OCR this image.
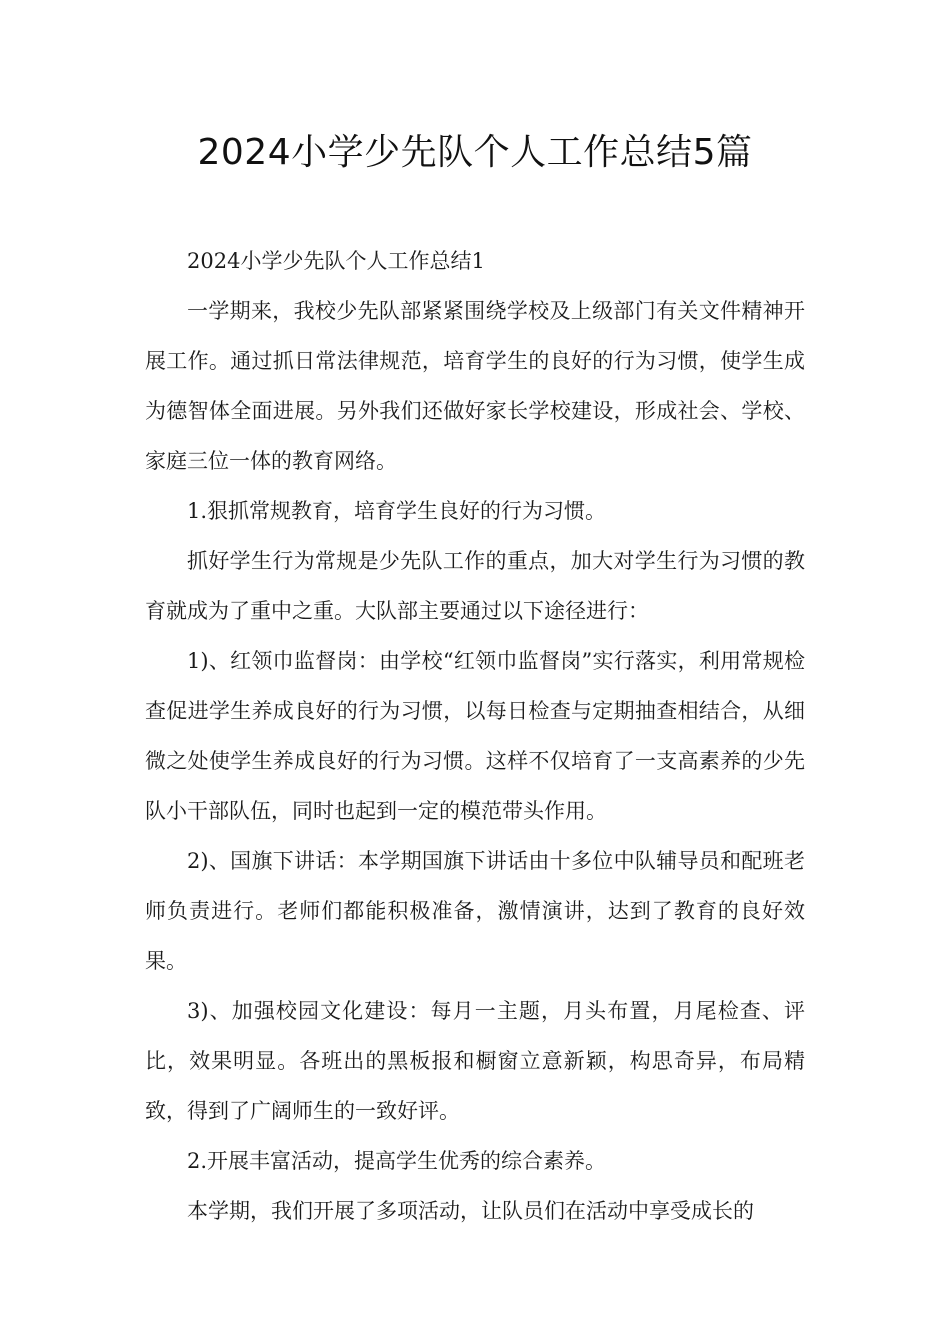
2024小学少先队个人工作总结5篇

2024小学少先队个人工作总结1

一学期来，我校少先队部紧紧围绕学校及上级部门有关文件精神开展工作。通过抓日常法律规范，培育学生的良好的行为习惯，使学生成为德智体全面进展。另外我们还做好家长学校建设，形成社会、学校、家庭三位一体的教育网络。

1.狠抓常规教育，培育学生良好的行为习惯。

抓好学生行为常规是少先队工作的重点，加大对学生行为习惯的教育就成为了重中之重。大队部主要通过以下途径进行：

1)、红领巾监督岗：由学校“红领巾监督岗”实行落实，利用常规检查促进学生养成良好的行为习惯，以每日检查与定期抽查相结合，从细微之处使学生养成良好的行为习惯。这样不仅培育了一支高素养的少先队小干部队伍，同时也起到一定的模范带头作用。

2)、国旗下讲话：本学期国旗下讲话由十多位中队辅导员和配班老师负责进行。老师们都能积极准备，激情演讲，达到了教育的良好效果。

3)、加强校园文化建设：每月一主题，月头布置，月尾检查、评比，效果明显。各班出的黑板报和橱窗立意新颖，构思奇异，布局精致，得到了广阔师生的一致好评。

2.开展丰富活动，提高学生优秀的综合素养。

本学期，我们开展了多项活动，让队员们在活动中享受成长的
